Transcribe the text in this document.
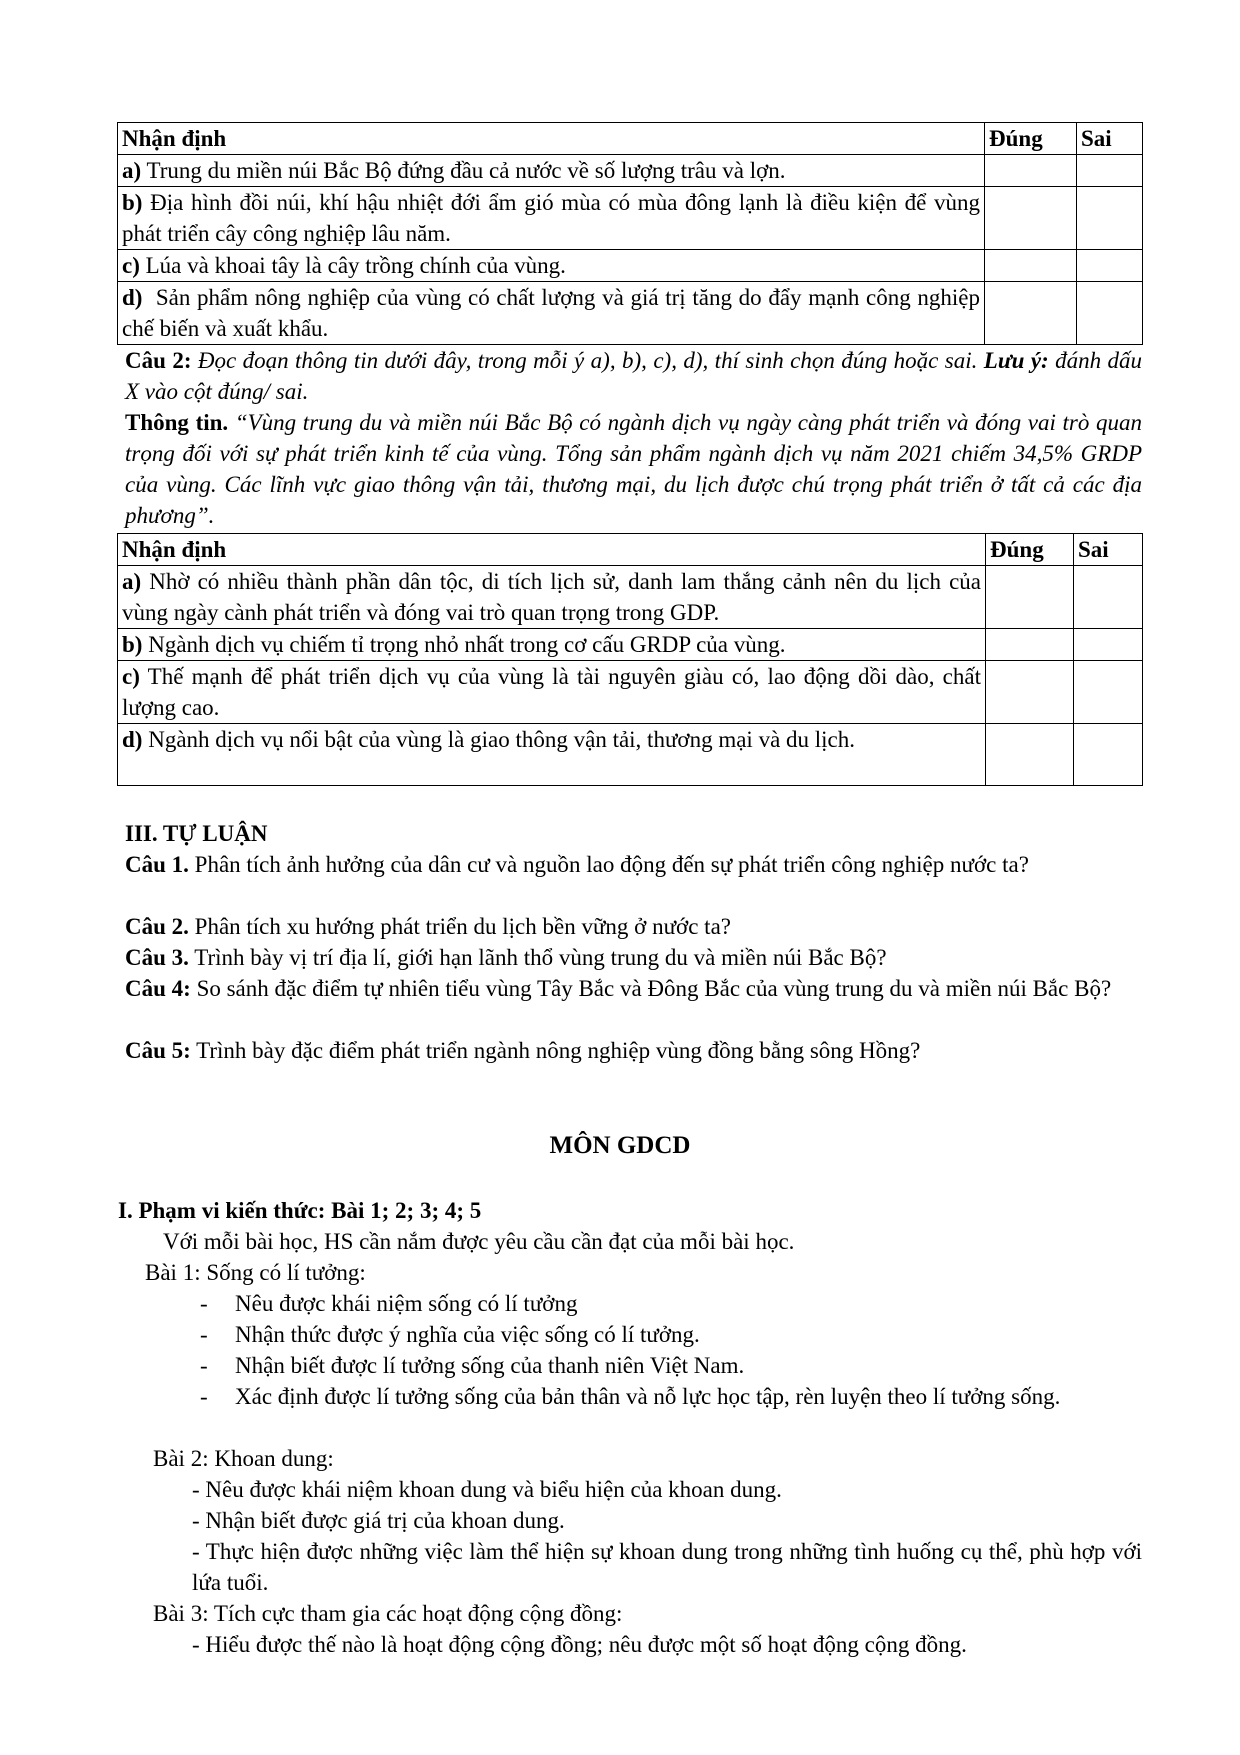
Nhận định	Đúng	Sai
a) Trung du miền núi Bắc Bộ đứng đầu cả nước về số lượng trâu và lợn.		
b) Địa hình đồi núi, khí hậu nhiệt đới ẩm gió mùa có mùa đông lạnh là điều kiện để vùng phát triển cây công nghiệp lâu năm.		
c) Lúa và khoai tây là cây trồng chính của vùng.		
d)  Sản phẩm nông nghiệp của vùng có chất lượng và giá trị tăng do đẩy mạnh công nghiệp chế biến và xuất khẩu.		
Câu 2: Đọc đoạn thông tin dưới đây, trong mỗi ý a), b), c), d), thí sinh chọn đúng hoặc sai. Lưu ý: đánh dấu X vào cột đúng/ sai.
Thông tin. “Vùng trung du và miền núi Bắc Bộ có ngành dịch vụ ngày càng phát triển và đóng vai trò quan trọng đối với sự phát triển kinh tế của vùng. Tổng sản phẩm ngành dịch vụ năm 2021 chiếm 34,5% GRDP của vùng. Các lĩnh vực giao thông vận tải, thương mại, du lịch được chú trọng phát triển ở tất cả các địa phương”.
Nhận định	Đúng	Sai
a) Nhờ có nhiều thành phần dân tộc, di tích lịch sử, danh lam thắng cảnh nên du lịch của vùng ngày cành phát triển và đóng vai trò quan trọng trong GDP.		
b) Ngành dịch vụ chiếm tỉ trọng nhỏ nhất trong cơ cấu GRDP của vùng.		
c) Thế mạnh để phát triển dịch vụ của vùng là tài nguyên giàu có, lao động dồi dào, chất lượng cao.		
d) Ngành dịch vụ nổi bật của vùng là giao thông vận tải, thương mại và du lịch.		
III. TỰ LUẬN
Câu 1. Phân tích ảnh hưởng của dân cư và nguồn lao động đến sự phát triển công nghiệp nước ta?
Câu 2. Phân tích xu hướng phát triển du lịch bền vững ở nước ta?
Câu 3. Trình bày vị trí địa lí, giới hạn lãnh thổ vùng trung du và miền núi Bắc Bộ?
Câu 4: So sánh đặc điểm tự nhiên tiểu vùng Tây Bắc và Đông Bắc của vùng trung du và miền núi Bắc Bộ?
Câu 5: Trình bày đặc điểm phát triển ngành nông nghiệp vùng đồng bằng sông Hồng?
MÔN GDCD
I. Phạm vi kiến thức: Bài 1; 2; 3; 4; 5
Với mỗi bài học, HS cần nắm được yêu cầu cần đạt của mỗi bài học.
Bài 1: Sống có lí tưởng:
- Nêu được khái niệm sống có lí tưởng
- Nhận thức được ý nghĩa của việc sống có lí tưởng.
- Nhận biết được lí tưởng sống của thanh niên Việt Nam.
- Xác định được lí tưởng sống của bản thân và nỗ lực học tập, rèn luyện theo lí tưởng sống.
Bài 2: Khoan dung:
- Nêu được khái niệm khoan dung và biểu hiện của khoan dung.
- Nhận biết được giá trị của khoan dung.
- Thực hiện được những việc làm thể hiện sự khoan dung trong những tình huống cụ thể, phù hợp với lứa tuổi.
Bài 3: Tích cực tham gia các hoạt động cộng đồng:
- Hiểu được thế nào là hoạt động cộng đồng; nêu được một số hoạt động cộng đồng.
